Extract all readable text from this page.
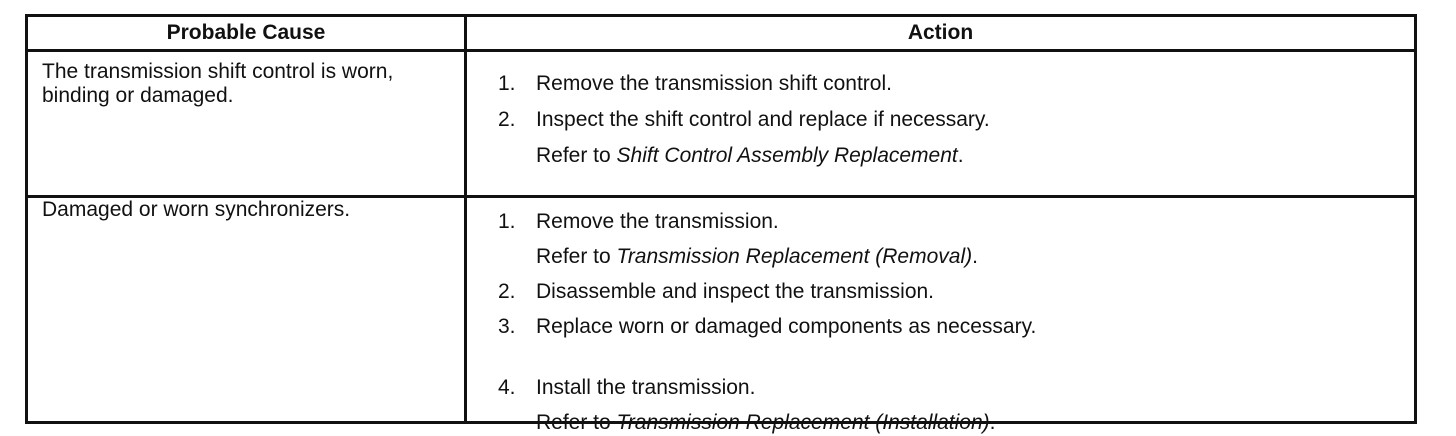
Probable Cause	Action
The transmission shift control is worn, binding or damaged.
1. Remove the transmission shift control.
2. Inspect the shift control and replace if necessary.
Refer to Shift Control Assembly Replacement.
Damaged or worn synchronizers.
1. Remove the transmission.
Refer to Transmission Replacement (Removal).
2. Disassemble and inspect the transmission.
3. Replace worn or damaged components as necessary.
4. Install the transmission.
Refer to Transmission Replacement (Installation).
